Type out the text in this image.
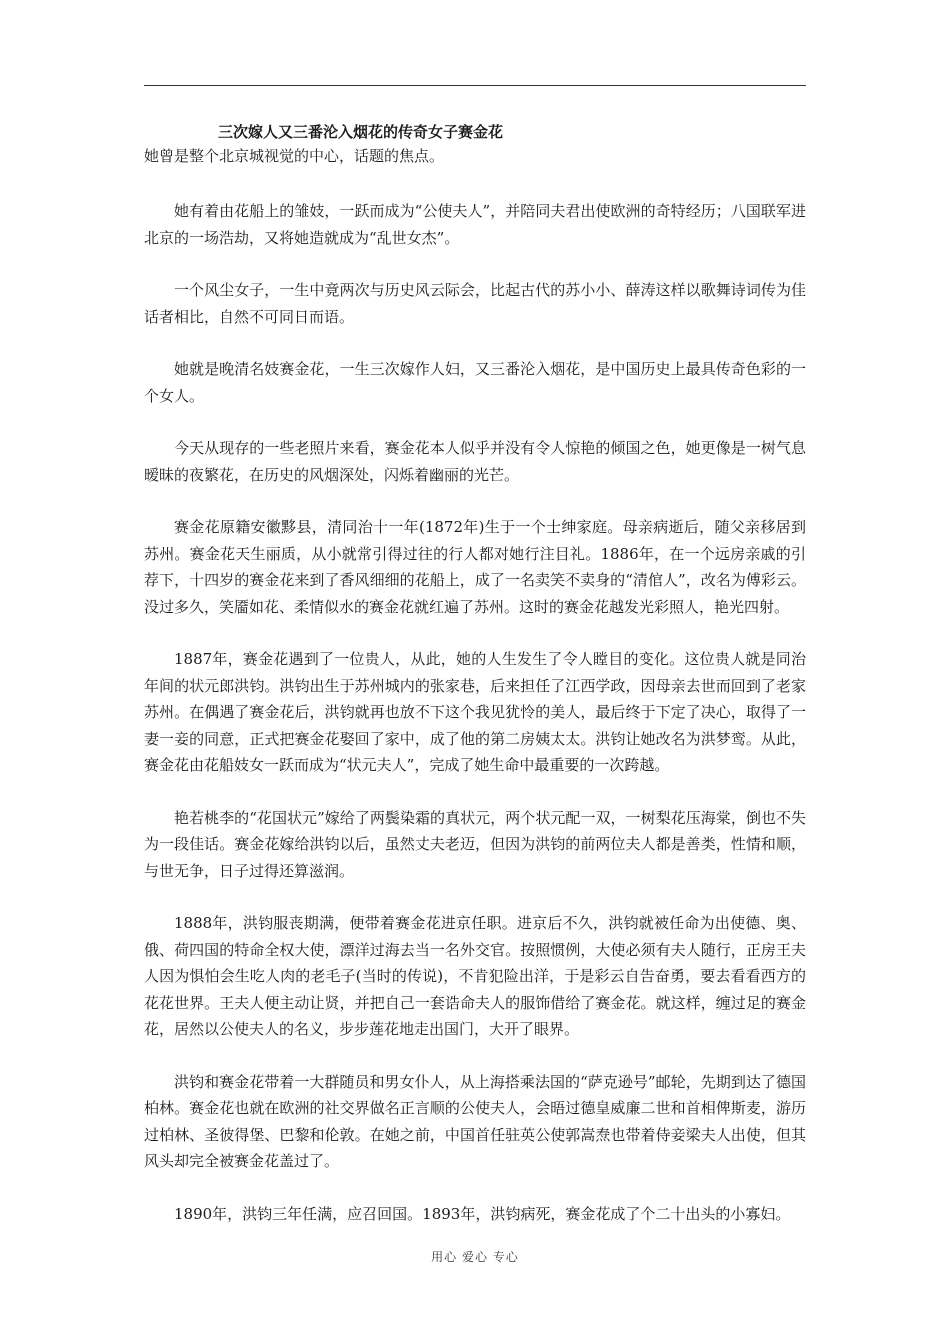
三次嫁人又三番沦入烟花的传奇女子赛金花

她曾是整个北京城视觉的中心，话题的焦点。

她有着由花船上的雏妓，一跃而成为“公使夫人”，并陪同夫君出使欧洲的奇特经历；八国联军进北京的一场浩劫，又将她造就成为“乱世女杰”。

一个风尘女子，一生中竟两次与历史风云际会，比起古代的苏小小、薛涛这样以歌舞诗词传为佳话者相比，自然不可同日而语。

她就是晚清名妓赛金花，一生三次嫁作人妇，又三番沦入烟花，是中国历史上最具传奇色彩的一个女人。

今天从现存的一些老照片来看，赛金花本人似乎并没有令人惊艳的倾国之色，她更像是一树气息暧昧的夜繁花，在历史的风烟深处，闪烁着幽丽的光芒。

赛金花原籍安徽黟县，清同治十一年(1872年)生于一个士绅家庭。母亲病逝后，随父亲移居到苏州。赛金花天生丽质，从小就常引得过往的行人都对她行注目礼。1886年，在一个远房亲戚的引荐下，十四岁的赛金花来到了香风细细的花船上，成了一名卖笑不卖身的“清倌人”，改名为傅彩云。没过多久，笑靥如花、柔情似水的赛金花就红遍了苏州。这时的赛金花越发光彩照人，艳光四射。

1887年，赛金花遇到了一位贵人，从此，她的人生发生了令人瞠目的变化。这位贵人就是同治年间的状元郎洪钧。洪钧出生于苏州城内的张家巷，后来担任了江西学政，因母亲去世而回到了老家苏州。在偶遇了赛金花后，洪钧就再也放不下这个我见犹怜的美人，最后终于下定了决心，取得了一妻一妾的同意，正式把赛金花娶回了家中，成了他的第二房姨太太。洪钧让她改名为洪梦鸾。从此，赛金花由花船妓女一跃而成为“状元夫人”，完成了她生命中最重要的一次跨越。

艳若桃李的“花国状元”嫁给了两鬓染霜的真状元，两个状元配一双，一树梨花压海棠，倒也不失为一段佳话。赛金花嫁给洪钧以后，虽然丈夫老迈，但因为洪钧的前两位夫人都是善类，性情和顺，与世无争，日子过得还算滋润。

1888年，洪钧服丧期满，便带着赛金花进京任职。进京后不久，洪钧就被任命为出使德、奥、俄、荷四国的特命全权大使，漂洋过海去当一名外交官。按照惯例，大使必须有夫人随行，正房王夫人因为惧怕会生吃人肉的老毛子(当时的传说)，不肯犯险出洋，于是彩云自告奋勇，要去看看西方的花花世界。王夫人便主动让贤，并把自己一套诰命夫人的服饰借给了赛金花。就这样，缠过足的赛金花，居然以公使夫人的名义，步步莲花地走出国门，大开了眼界。

洪钧和赛金花带着一大群随员和男女仆人，从上海搭乘法国的“萨克逊号”邮轮，先期到达了德国柏林。赛金花也就在欧洲的社交界做名正言顺的公使夫人，会晤过德皇威廉二世和首相俾斯麦，游历过柏林、圣彼得堡、巴黎和伦敦。在她之前，中国首任驻英公使郭嵩焘也带着侍妾梁夫人出使，但其风头却完全被赛金花盖过了。

1890年，洪钧三年任满，应召回国。1893年，洪钧病死，赛金花成了个二十出头的小寡妇。

用心 爱心 专心
